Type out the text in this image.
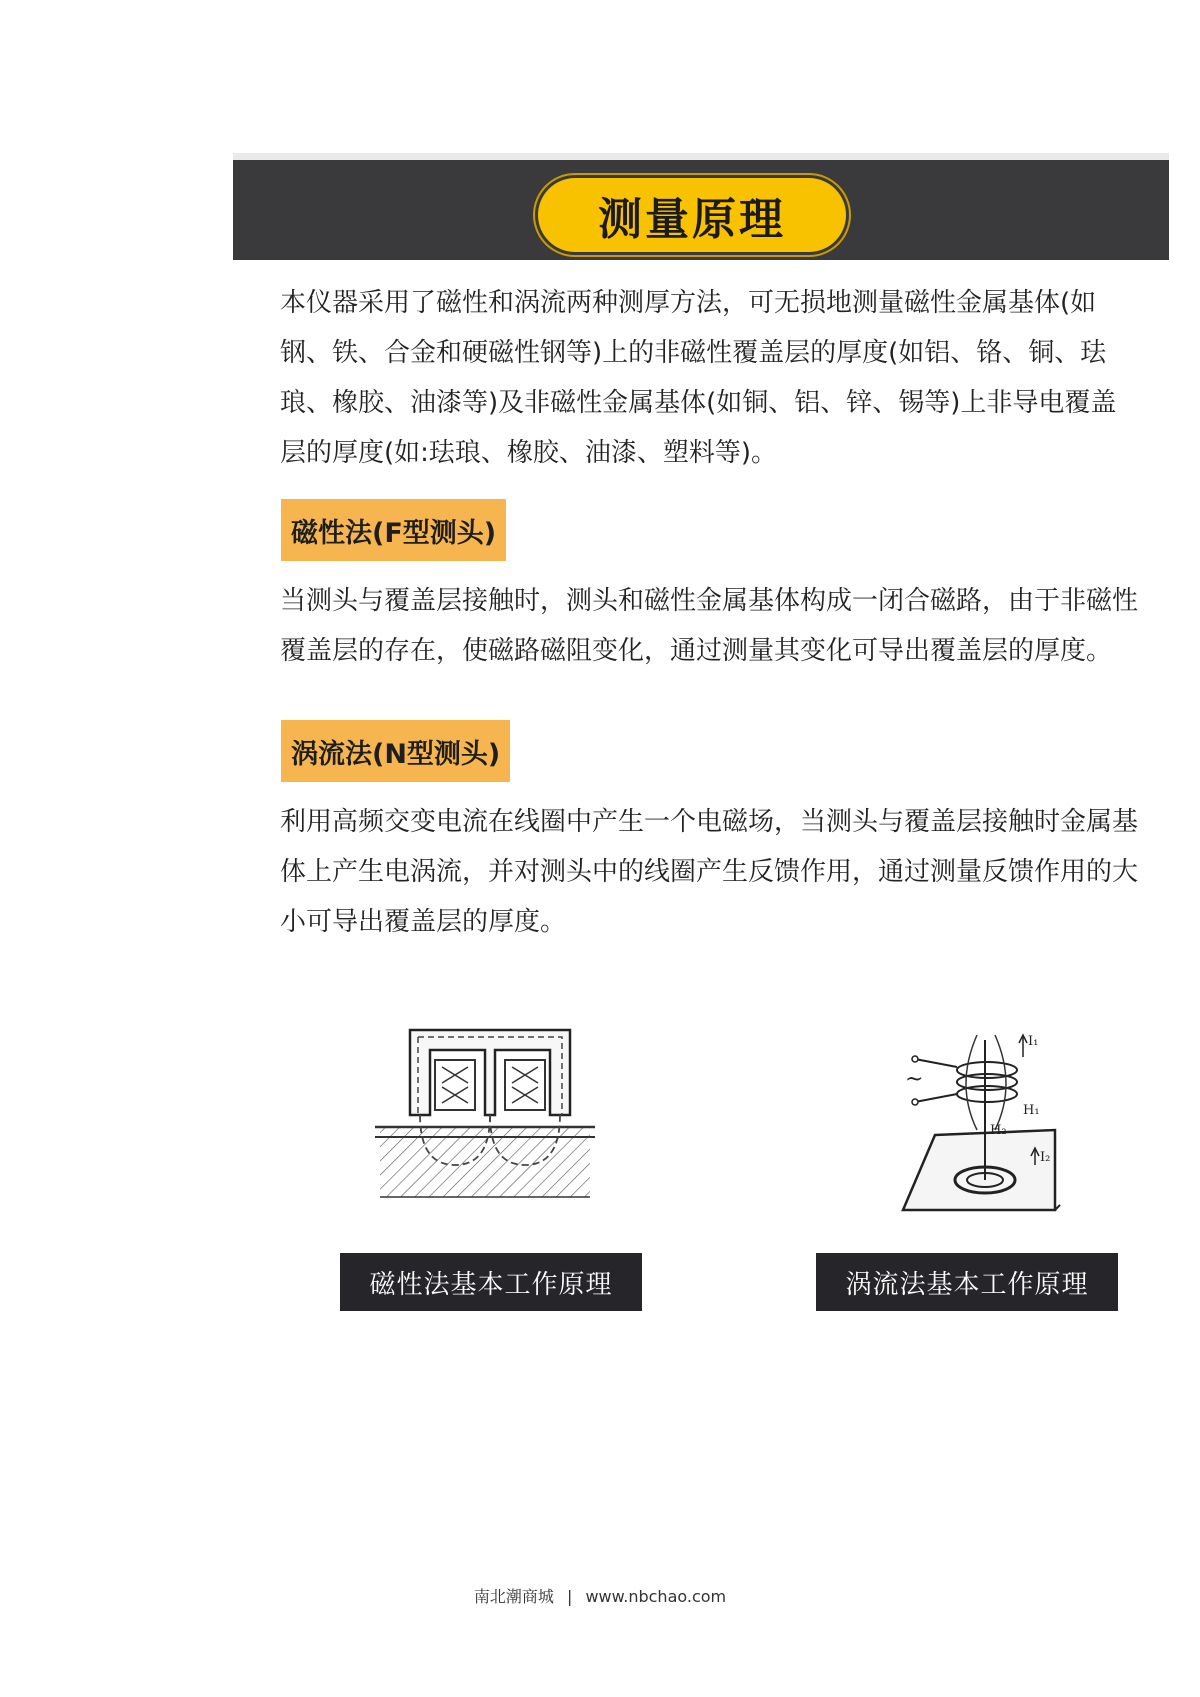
测量原理

本仪器采用了磁性和涡流两种测厚方法，可无损地测量磁性金属基体(如钢、铁、合金和硬磁性钢等)上的非磁性覆盖层的厚度(如铝、铬、铜、珐琅、橡胶、油漆等)及非磁性金属基体(如铜、铝、锌、锡等)上非导电覆盖层的厚度(如:珐琅、橡胶、油漆、塑料等)。

磁性法(F型测头)

当测头与覆盖层接触时，测头和磁性金属基体构成一闭合磁路，由于非磁性覆盖层的存在，使磁路磁阻变化，通过测量其变化可导出覆盖层的厚度。

涡流法(N型测头)

利用高频交变电流在线圈中产生一个电磁场，当测头与覆盖层接触时金属基体上产生电涡流，并对测头中的线圈产生反馈作用，通过测量反馈作用的大小可导出覆盖层的厚度。

~
I₁
H₁
H₂
I₂
磁性法基本工作原理	涡流法基本工作原理
南北潮商城 | www.nbchao.com
